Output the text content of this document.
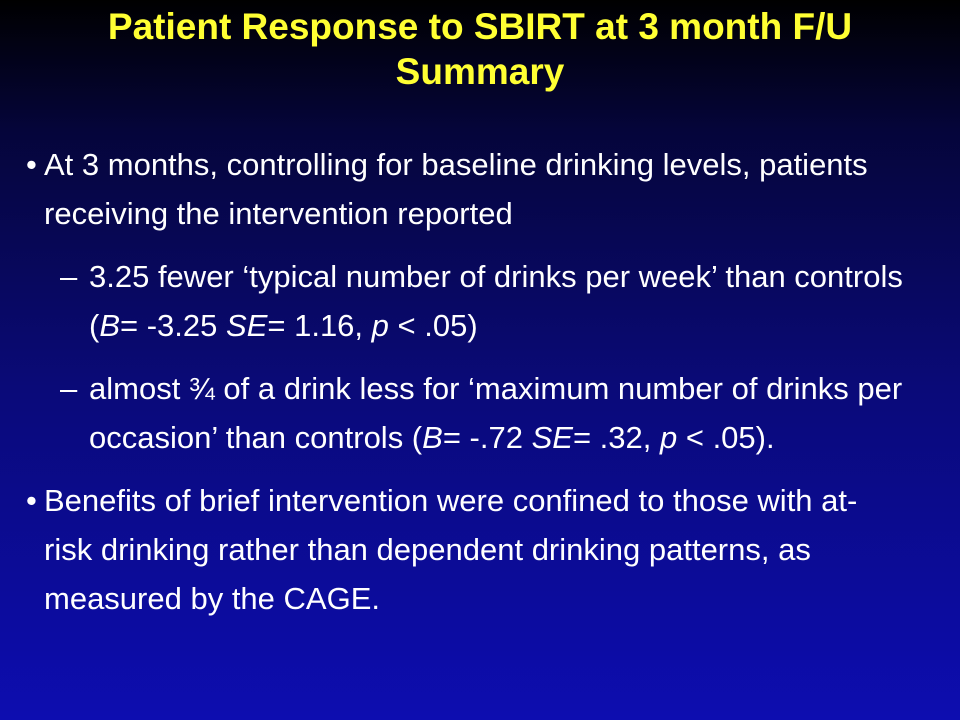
Patient Response to SBIRT at 3 month F/U
Summary
• At 3 months, controlling for baseline drinking levels, patients receiving the intervention reported
– 3.25 fewer ‘typical number of drinks per week’ than controls (B= -3.25 SE= 1.16, p < .05)
– almost ¾ of a drink less for ‘maximum number of drinks per occasion’ than controls (B= -.72 SE= .32, p < .05).
• Benefits of brief intervention were confined to those with at-risk drinking rather than dependent drinking patterns, as measured by the CAGE.
